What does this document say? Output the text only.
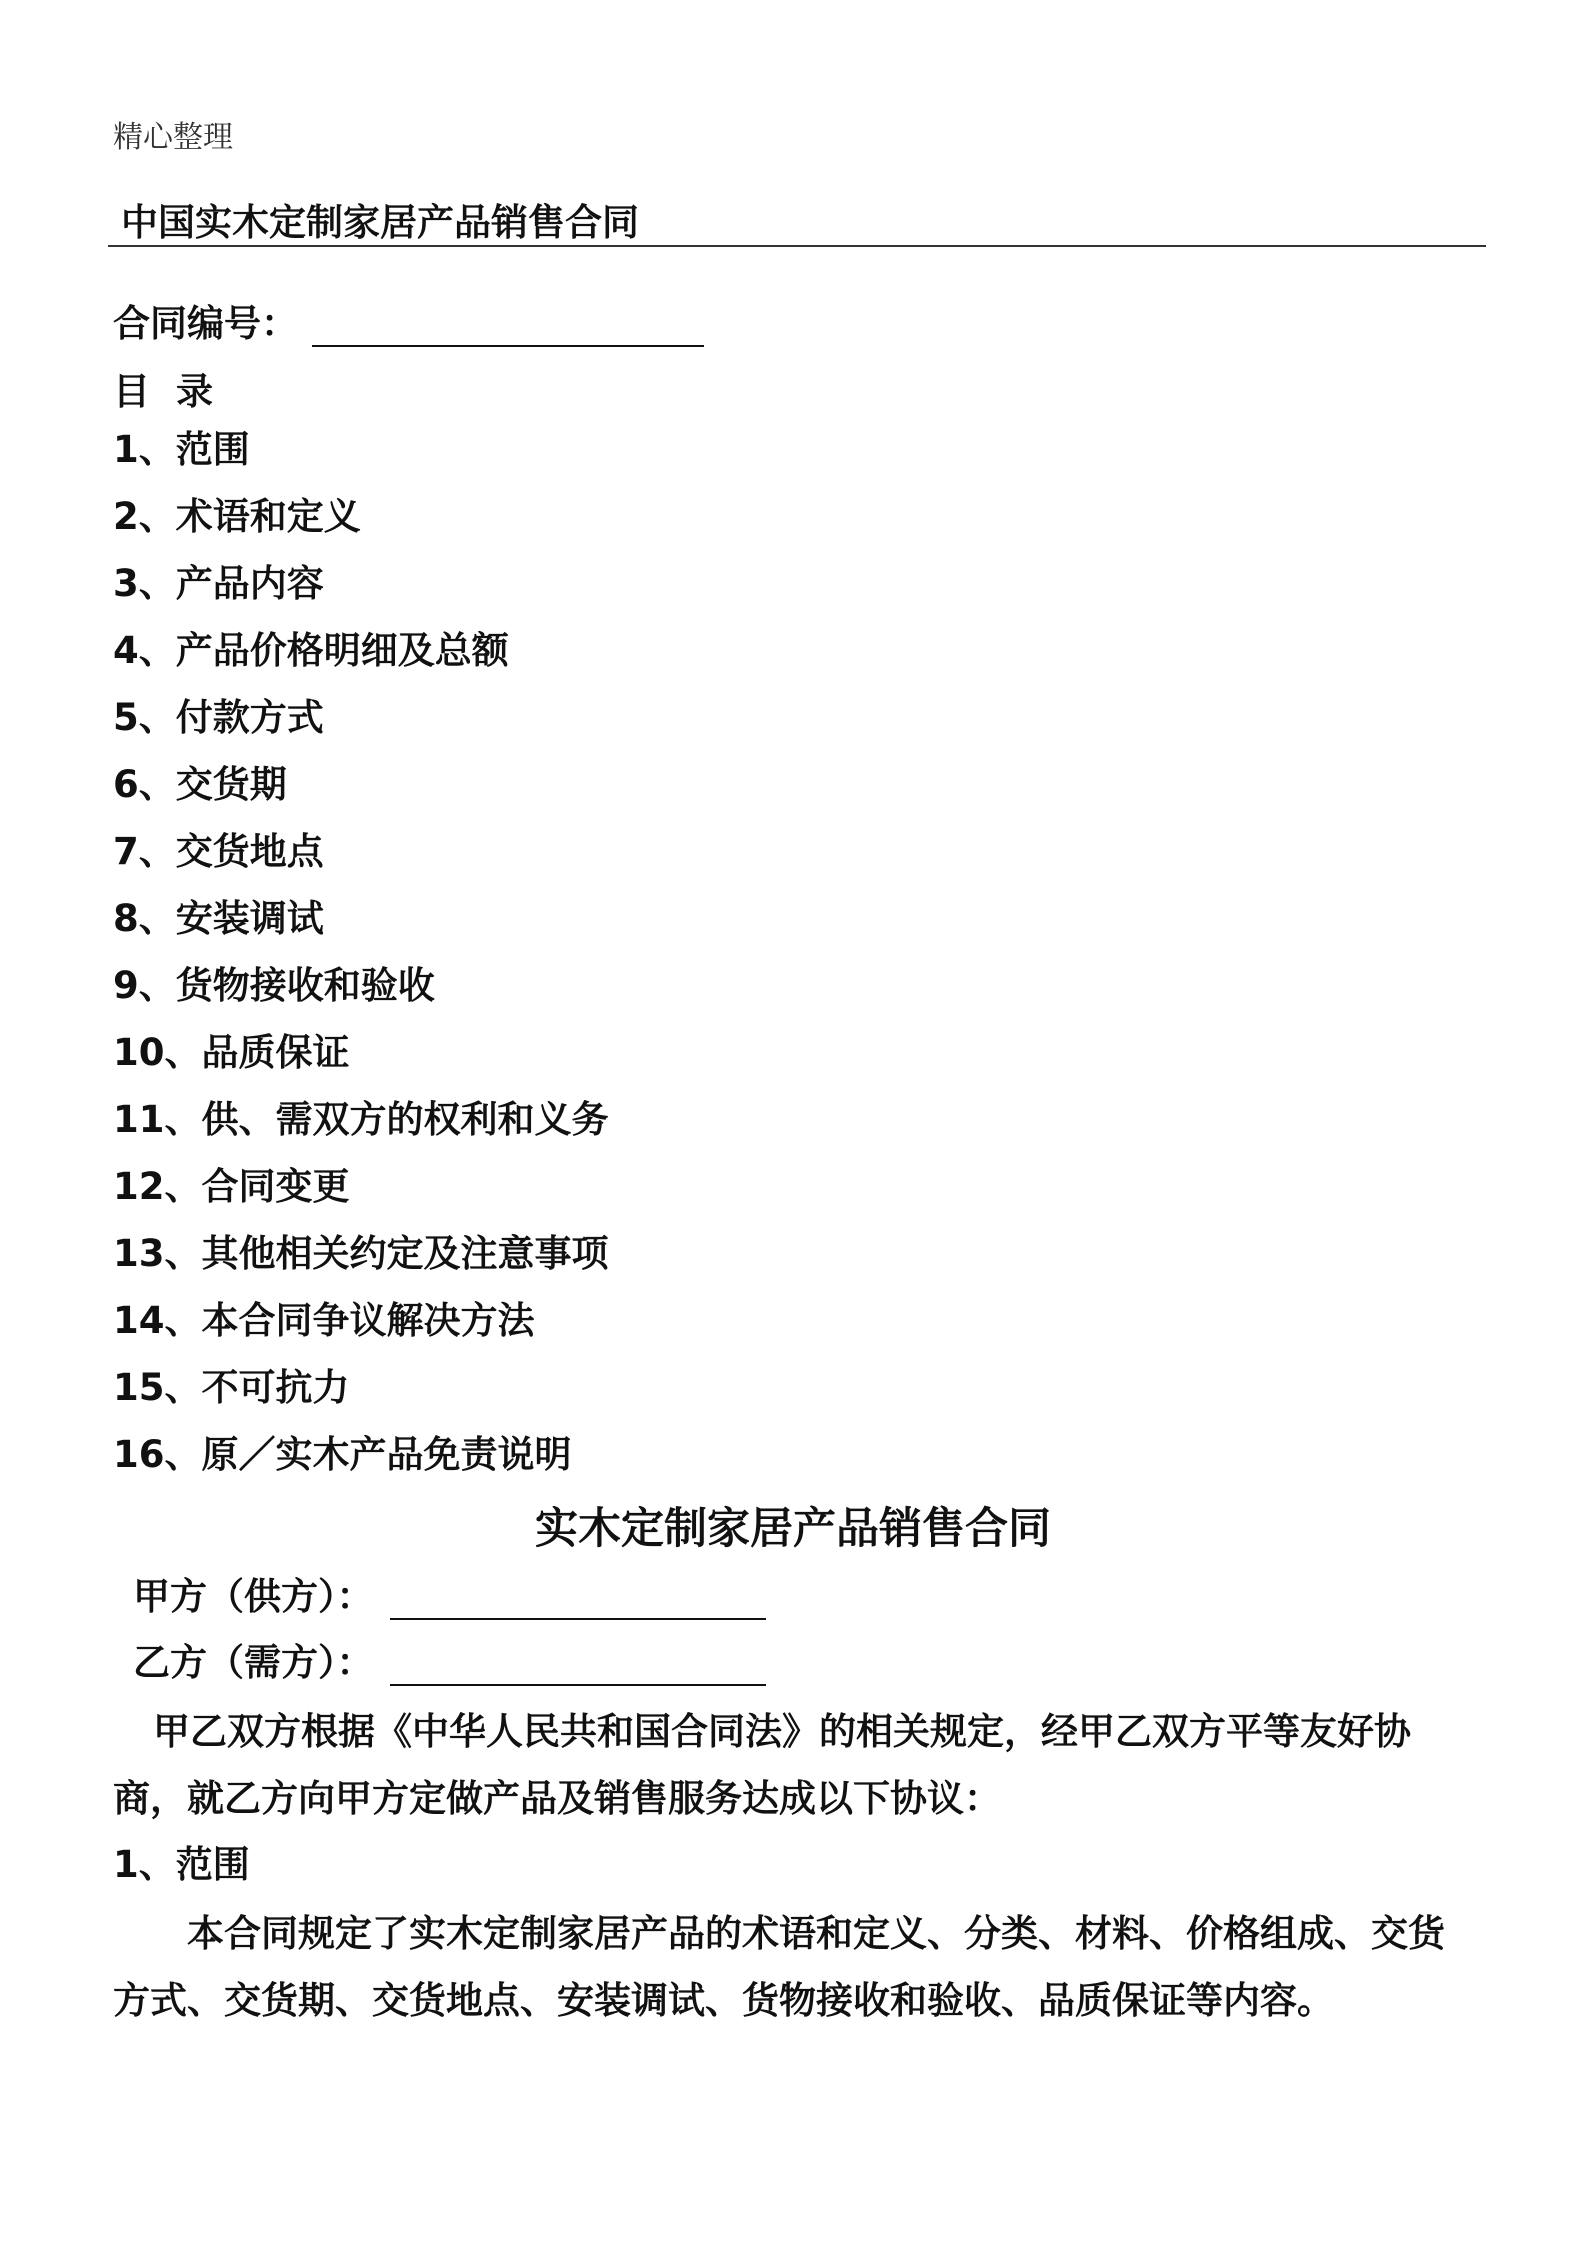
精心整理
中国实木定制家居产品销售合同
合同编号：
目录
1、范围
2、术语和定义
3、产品内容
4、产品价格明细及总额
5、付款方式
6、交货期
7、交货地点
8、安装调试
9、货物接收和验收
10、品质保证
11、供、需双方的权利和义务
12、合同变更
13、其他相关约定及注意事项
14、本合同争议解决方法
15、不可抗力
16、原／实木产品免责说明
实木定制家居产品销售合同
甲方（供方）：
乙方（需方）：

甲乙双方根据《中华人民共和国合同法》的相关规定，经甲乙双方平等友好协商，就乙方向甲方定做产品及销售服务达成以下协议：

1、范围

本合同规定了实木定制家居产品的术语和定义、分类、材料、价格组成、交货方式、交货期、交货地点、安装调试、货物接收和验收、品质保证等内容。
